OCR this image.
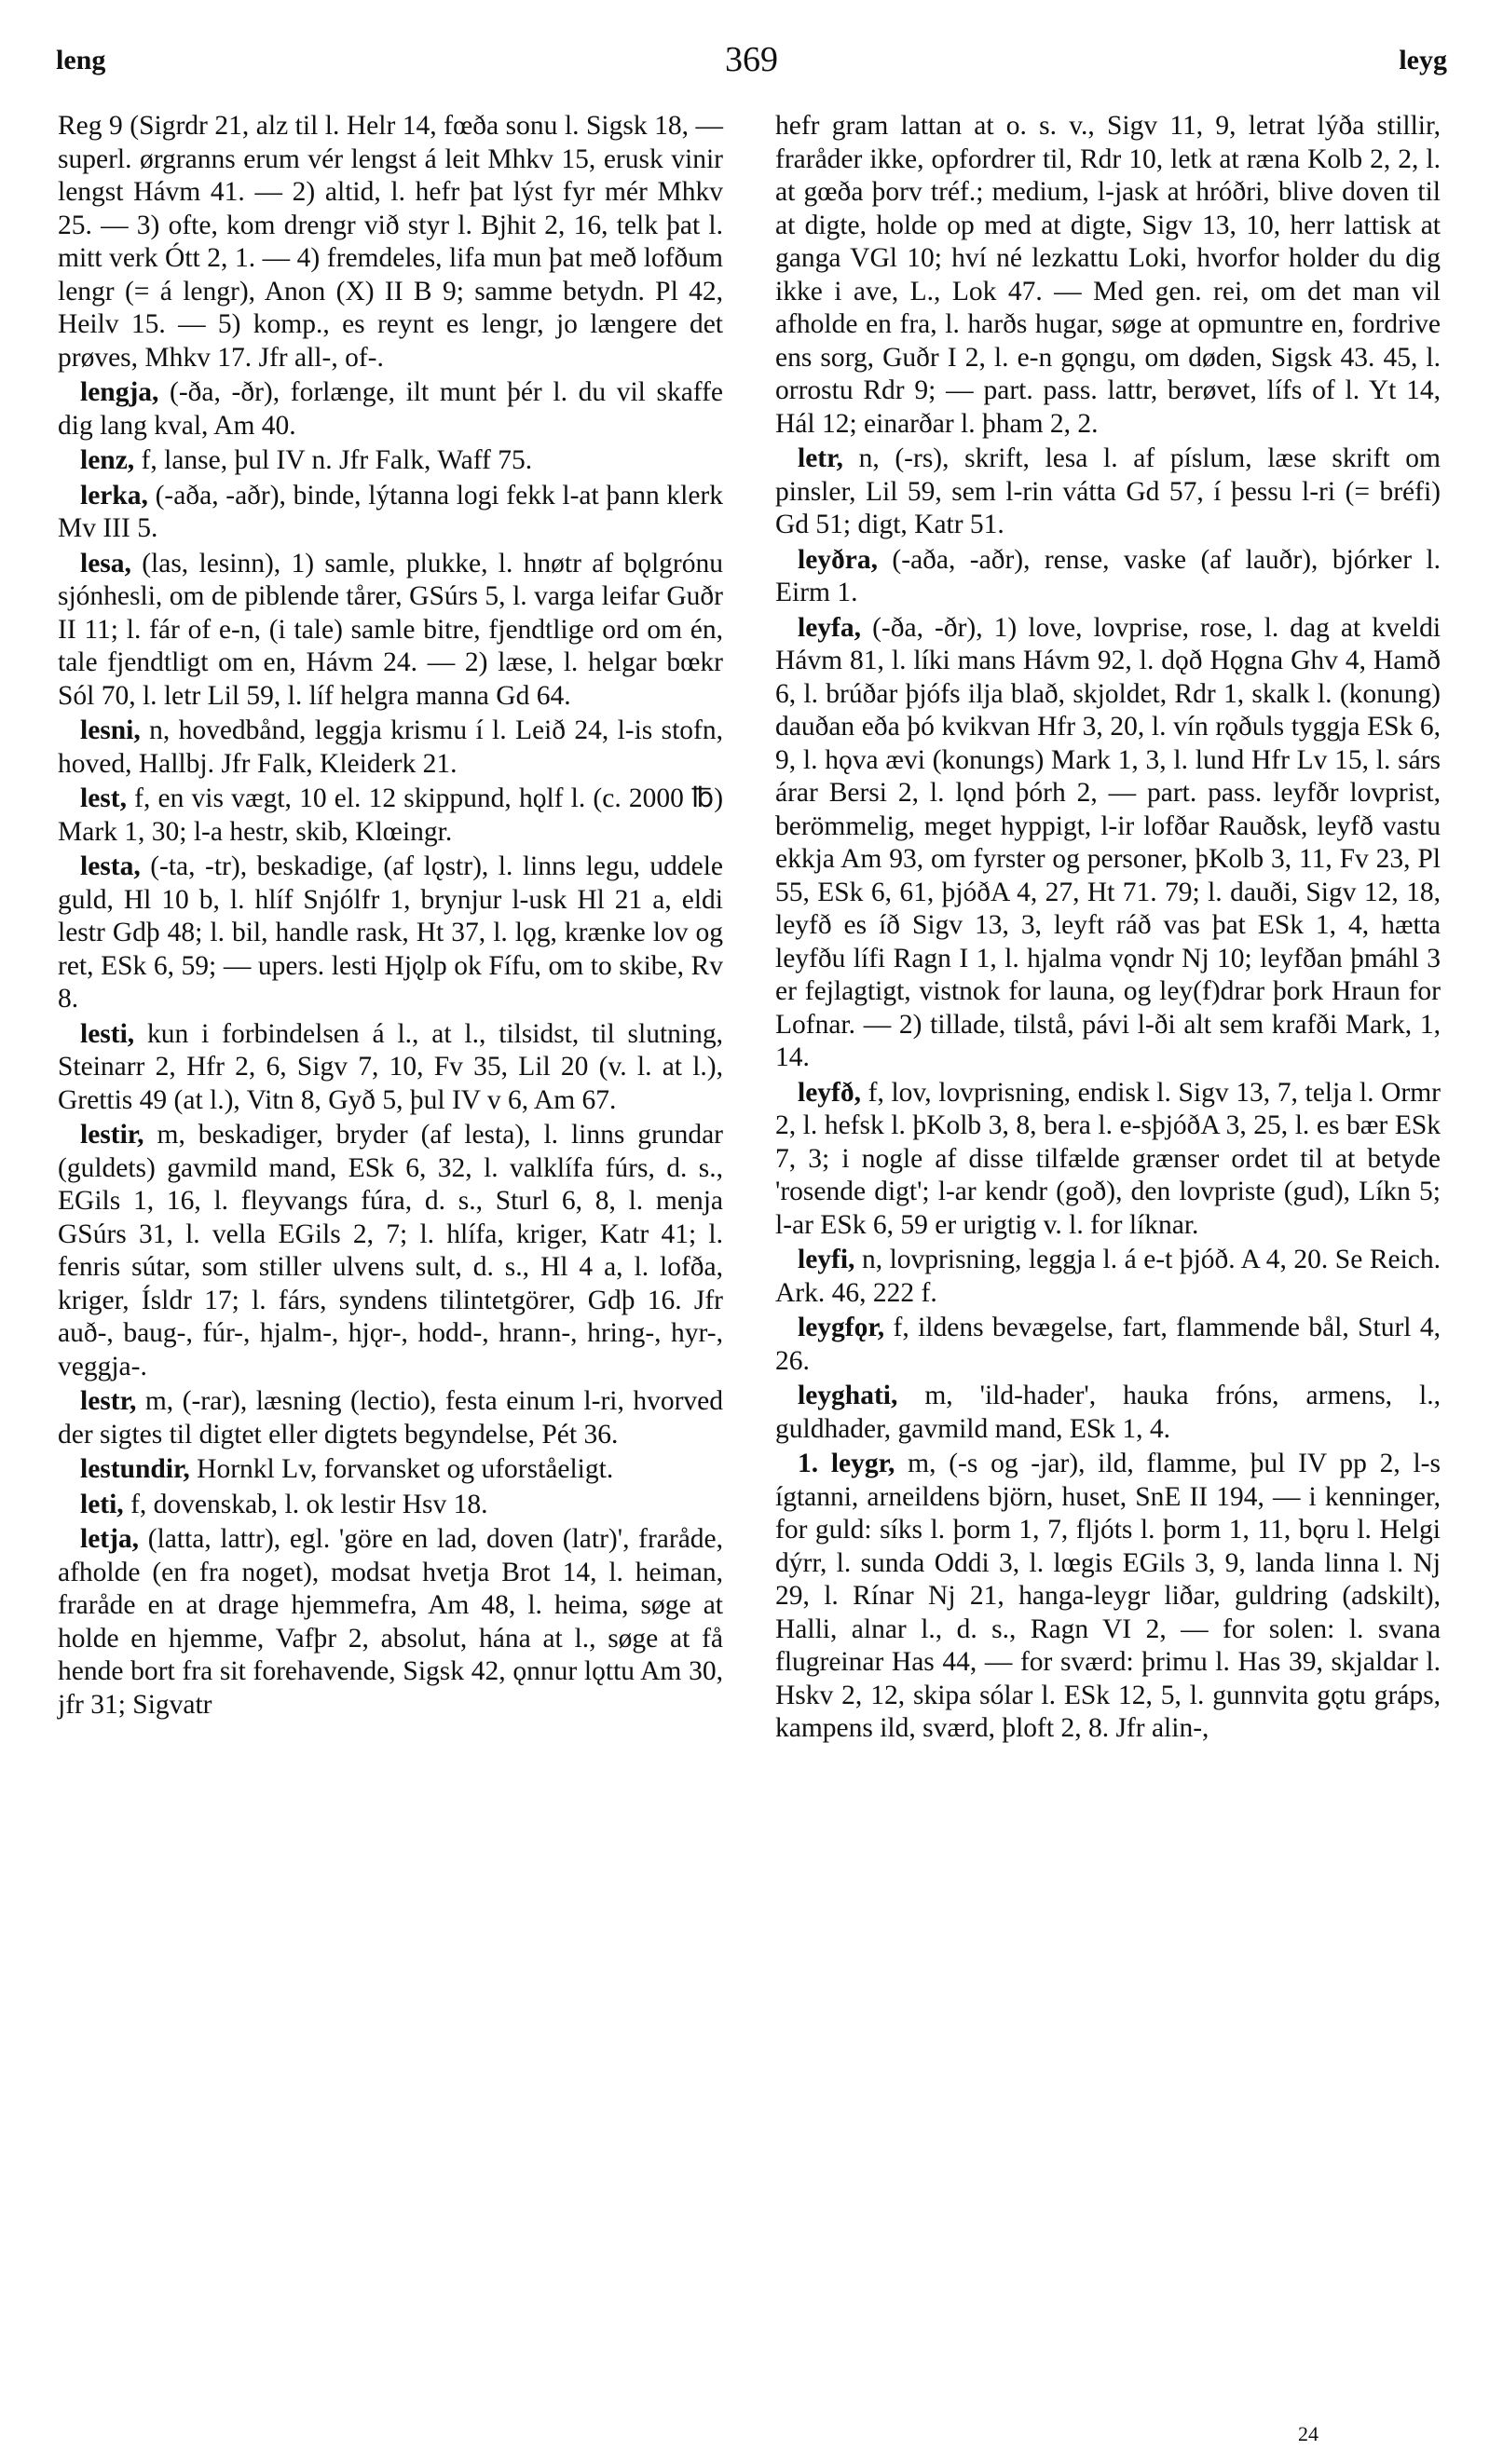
leng	369	leyg
Reg 9 (Sigrdr 21, alz til l. Helr 14, fœða sonu l. Sigsk 18, — superl. ørgranns erum vér lengst á leit Mhkv 15, erusk vinir lengst Hávm 41. — 2) altid, l. hefr þat lýst fyr mér Mhkv 25. — 3) ofte, kom drengr við styr l. Bjhit 2, 16, telk þat l. mitt verk Ótt 2, 1. — 4) fremdeles, lifa mun þat með lofðum lengr (= á lengr), Anon (X) II B 9; samme betydn. Pl 42, Heilv 15. — 5) komp., es reynt es lengr, jo længere det prøves, Mhkv 17. Jfr all-, of-.
lengja, (-ða, -ðr), forlænge, ilt munt þér l. du vil skaffe dig lang kval, Am 40.
lenz, f, lanse, þul IV n. Jfr Falk, Waff 75.
lerka, (-aða, -aðr), binde, lýtanna logi fekk l-at þann klerk Mv III 5.
lesa, (las, lesinn), 1) samle, plukke, l. hnøtr af bǫlgrónu sjónhesli, om de piblende tårer, GSúrs 5, l. varga leifar Guðr II 11; l. fár of e-n, (i tale) samle bitre, fjendtlige ord om én, tale fjendtligt om en, Hávm 24. — 2) læse, l. helgar bœkr Sól 70, l. letr Lil 59, l. líf helgra manna Gd 64.
lesni, n, hovedbånd, leggja krismu í l. Leið 24, l-is stofn, hoved, Hallbj. Jfr Falk, Kleiderk 21.
lest, f, en vis vægt, 10 el. 12 skippund, hǫlf l. (c. 2000 ℔) Mark 1, 30; l-a hestr, skib, Klœingr.
lesta, (-ta, -tr), beskadige, (af lǫstr), l. linns legu, uddele guld, Hl 10 b, l. hlíf Snjólfr 1, brynjur l-usk Hl 21 a, eldi lestr Gdþ 48; l. bil, handle rask, Ht 37, l. lǫg, krænke lov og ret, ESk 6, 59; — upers. lesti Hjǫlp ok Fífu, om to skibe, Rv 8.
lesti, kun i forbindelsen á l., at l., tilsidst, til slutning, Steinarr 2, Hfr 2, 6, Sigv 7, 10, Fv 35, Lil 20 (v. l. at l.), Grettis 49 (at l.), Vitn 8, Gyð 5, þul IV v 6, Am 67.
lestir, m, beskadiger, bryder (af lesta), l. linns grundar (guldets) gavmild mand, ESk 6, 32, l. valklífa fúrs, d. s., EGils 1, 16, l. fleyvangs fúra, d. s., Sturl 6, 8, l. menja GSúrs 31, l. vella EGils 2, 7; l. hlífa, kriger, Katr 41; l. fenris sútar, som stiller ulvens sult, d. s., Hl 4 a, l. lofða, kriger, Ísldr 17; l. fárs, syndens tilintetgörer, Gdþ 16. Jfr auð-, baug-, fúr-, hjalm-, hjǫr-, hodd-, hrann-, hring-, hyr-, veggja-.
lestr, m, (-rar), læsning (lectio), festa einum l-ri, hvorved der sigtes til digtet eller digtets begyndelse, Pét 36.
lestundir, Hornkl Lv, forvansket og uforståeligt.
leti, f, dovenskab, l. ok lestir Hsv 18.
letja, (latta, lattr), egl. 'göre en lad, doven (latr)', fraråde, afholde (en fra noget), modsat hvetja Brot 14, l. heiman, fraråde en at drage hjemmefra, Am 48, l. heima, søge at holde en hjemme, Vafþr 2, absolut, hána at l., søge at få hende bort fra sit forehavende, Sigsk 42, ǫnnur lǫttu Am 30, jfr 31; Sigvatr
hefr gram lattan at o. s. v., Sigv 11, 9, letrat lýða stillir, fraråder ikke, opfordrer til, Rdr 10, letk at ræna Kolb 2, 2, l. at gœða þorv tréf.; medium, l-jask at hróðri, blive doven til at digte, holde op med at digte, Sigv 13, 10, herr lattisk at ganga VGl 10; hví né lezkattu Loki, hvorfor holder du dig ikke i ave, L., Lok 47. — Med gen. rei, om det man vil afholde en fra, l. harðs hugar, søge at opmuntre en, fordrive ens sorg, Guðr I 2, l. e-n gǫngu, om døden, Sigsk 43. 45, l. orrostu Rdr 9; — part. pass. lattr, berøvet, lífs of l. Yt 14, Hál 12; einarðar l. þham 2, 2.
letr, n, (-rs), skrift, lesa l. af píslum, læse skrift om pinsler, Lil 59, sem l-rin vátta Gd 57, í þessu l-ri (= bréfi) Gd 51; digt, Katr 51.
leyðra, (-aða, -aðr), rense, vaske (af lauðr), bjórker l. Eirm 1.
leyfa, (-ða, -ðr), 1) love, lovprise, rose, l. dag at kveldi Hávm 81, l. líki mans Hávm 92, l. dǫð Hǫgna Ghv 4, Hamð 6, l. brúðar þjófs ilja blað, skjoldet, Rdr 1, skalk l. (konung) dauðan eða þó kvikvan Hfr 3, 20, l. vín rǫðuls tyggja ESk 6, 9, l. hǫva ævi (konungs) Mark 1, 3, l. lund Hfr Lv 15, l. sárs árar Bersi 2, l. lǫnd þórh 2, — part. pass. leyfðr lovprist, berömmelig, meget hyppigt, l-ir lofðar Rauðsk, leyfð vastu ekkja Am 93, om fyrster og personer, þKolb 3, 11, Fv 23, Pl 55, ESk 6, 61, þjóðA 4, 27, Ht 71. 79; l. dauði, Sigv 12, 18, leyfð es íð Sigv 13, 3, leyft ráð vas þat ESk 1, 4, hætta leyfðu lífi Ragn I 1, l. hjalma vǫndr Nj 10; leyfðan þmáhl 3 er fejlagtigt, vistnok for launa, og ley(f)drar þork Hraun for Lofnar. — 2) tillade, tilstå, pávi l-ði alt sem krafði Mark, 1, 14.
leyfð, f, lov, lovprisning, endisk l. Sigv 13, 7, telja l. Ormr 2, l. hefsk l. þKolb 3, 8, bera l. e-sþjóðA 3, 25, l. es bær ESk 7, 3; i nogle af disse tilfælde grænser ordet til at betyde 'rosende digt'; l-ar kendr (goð), den lovpriste (gud), Líkn 5; l-ar ESk 6, 59 er urigtig v. l. for líknar.
leyfi, n, lovprisning, leggja l. á e-t þjóð. A 4, 20. Se Reich. Ark. 46, 222 f.
leygfǫr, f, ildens bevægelse, fart, flammende bål, Sturl 4, 26.
leyghati, m, 'ild-hader', hauka fróns, armens, l., guldhader, gavmild mand, ESk 1, 4.
1. leygr, m, (-s og -jar), ild, flamme, þul IV pp 2, l-s ígtanni, arneildens björn, huset, SnE II 194, — i kenninger, for guld: síks l. þorm 1, 7, fljóts l. þorm 1, 11, bǫru l. Helgi dýrr, l. sunda Oddi 3, l. lœgis EGils 3, 9, landa linna l. Nj 29, l. Rínar Nj 21, hanga-leygr liðar, guldring (adskilt), Halli, alnar l., d. s., Ragn VI 2, — for solen: l. svana flugreinar Has 44, — for sværd: þrimu l. Has 39, skjaldar l. Hskv 2, 12, skipa sólar l. ESk 12, 5, l. gunnvita gǫtu gráps, kampens ild, sværd, þloft 2, 8. Jfr alin-,
24
